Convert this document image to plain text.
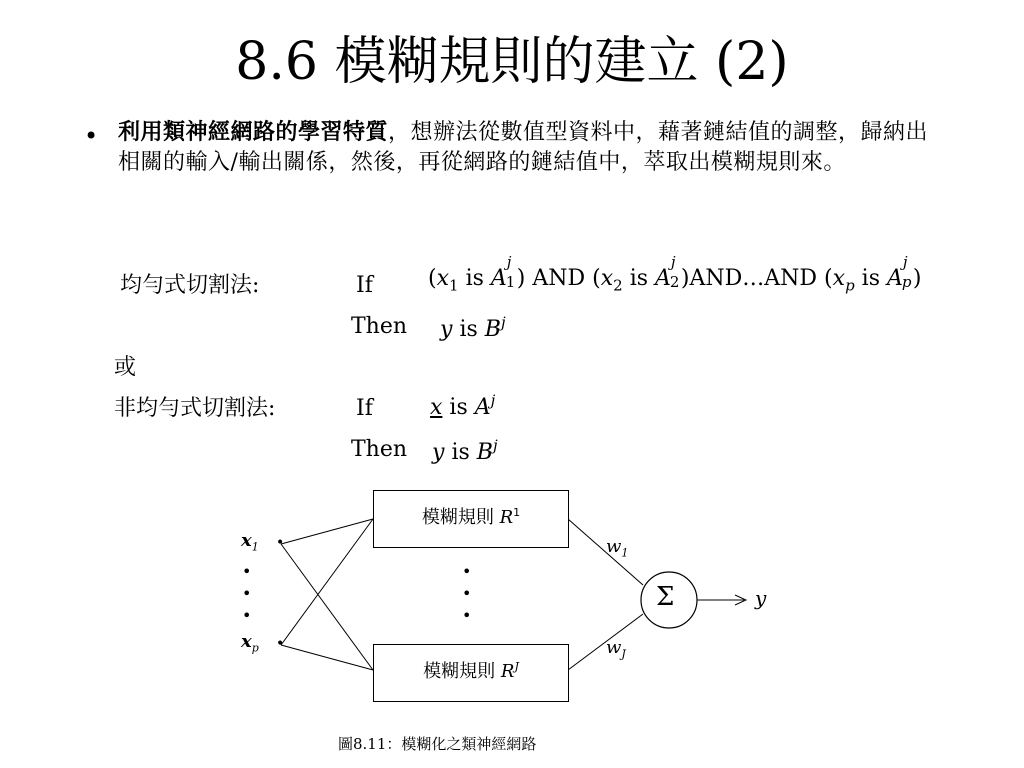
8.6 模糊規則的建立 (2)
• 利用類神經網路的學習特質，想辦法從數值型資料中，藉著鏈結值的調整，歸納出相關的輸入/輸出關係，然後，再從網路的鏈結值中，萃取出模糊規則來。
均勻式切割法:	If	($x_1$ is A
j
1 ) AND ($x_2$ is A
j
2 )AND…AND ($x_p$ is A
j
p )
Then y is $B^j$
或
非均勻式切割法:	If	x is $A^j$
Then y is $B^j$
模糊規則 $R^1$
模糊規則 $R^J$
$x_1$
$x_p$
•
•
•
•
•
•
•
•
$w_1$
$w_J$
Σ	y
圖8.11：模糊化之類神經網路
